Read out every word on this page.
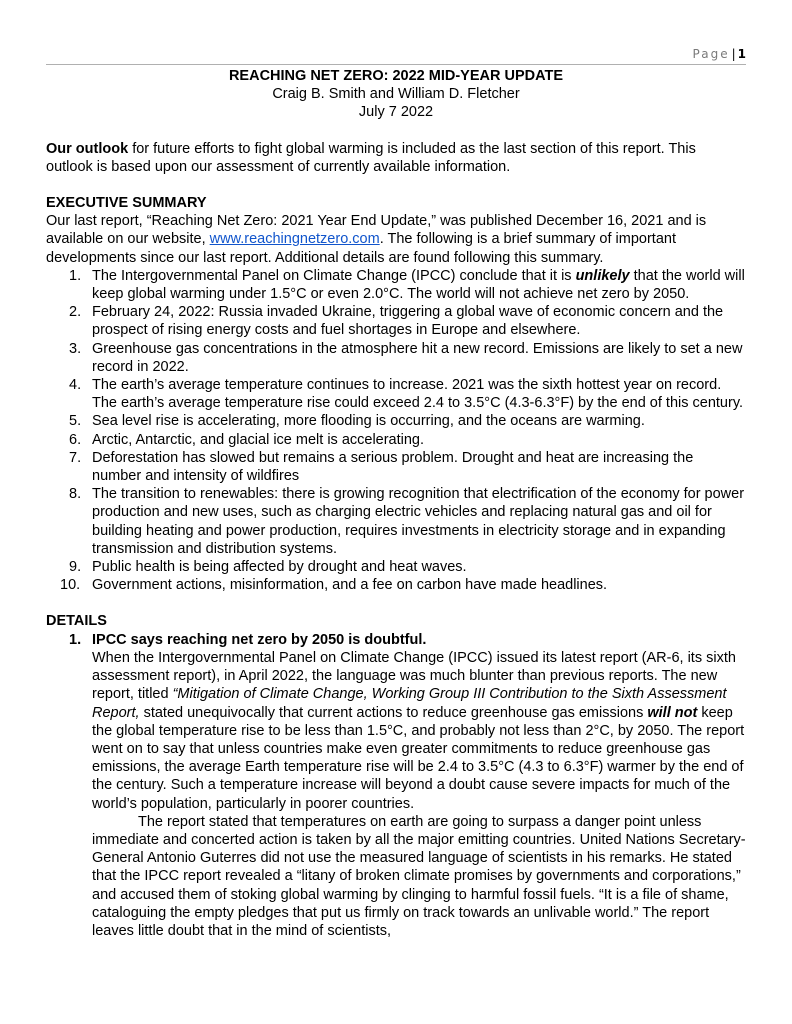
Page | 1
REACHING NET ZERO: 2022 MID-YEAR UPDATE
Craig B. Smith and William D. Fletcher
July 7 2022

Our outlook for future efforts to fight global warming is included as the last section of this report. This outlook is based upon our assessment of currently available information.

EXECUTIVE SUMMARY

Our last report, “Reaching Net Zero: 2021 Year End Update,” was published December 16, 2021 and is available on our website, www.reachingnetzero.com. The following is a brief summary of important developments since our last report. Additional details are found following this summary.

1. The Intergovernmental Panel on Climate Change (IPCC) conclude that it is unlikely that the world will keep global warming under 1.5°C or even 2.0°C. The world will not achieve net zero by 2050.
2. February 24, 2022: Russia invaded Ukraine, triggering a global wave of economic concern and the prospect of rising energy costs and fuel shortages in Europe and elsewhere.
3. Greenhouse gas concentrations in the atmosphere hit a new record. Emissions are likely to set a new record in 2022.
4. The earth’s average temperature continues to increase. 2021 was the sixth hottest year on record. The earth’s average temperature rise could exceed 2.4 to 3.5°C (4.3-6.3°F) by the end of this century.
5. Sea level rise is accelerating, more flooding is occurring, and the oceans are warming.
6. Arctic, Antarctic, and glacial ice melt is accelerating.
7. Deforestation has slowed but remains a serious problem. Drought and heat are increasing the number and intensity of wildfires
8. The transition to renewables: there is growing recognition that electrification of the economy for power production and new uses, such as charging electric vehicles and replacing natural gas and oil for building heating and power production, requires investments in electricity storage and in expanding transmission and distribution systems.
9. Public health is being affected by drought and heat waves.
10. Government actions, misinformation, and a fee on carbon have made headlines.
DETAILS
1. IPCC says reaching net zero by 2050 is doubtful.

When the Intergovernmental Panel on Climate Change (IPCC) issued its latest report (AR-6, its sixth assessment report), in April 2022, the language was much blunter than previous reports. The new report, titled “Mitigation of Climate Change, Working Group III Contribution to the Sixth Assessment Report, stated unequivocally that current actions to reduce greenhouse gas emissions will not keep the global temperature rise to be less than 1.5°C, and probably not less than 2°C, by 2050. The report went on to say that unless countries make even greater commitments to reduce greenhouse gas emissions, the average Earth temperature rise will be 2.4 to 3.5°C (4.3 to 6.3°F) warmer by the end of the century. Such a temperature increase will beyond a doubt cause severe impacts for much of the world’s population, particularly in poorer countries.

The report stated that temperatures on earth are going to surpass a danger point unless immediate and concerted action is taken by all the major emitting countries. United Nations Secretary-General Antonio Guterres did not use the measured language of scientists in his remarks. He stated that the IPCC report revealed a “litany of broken climate promises by governments and corporations,” and accused them of stoking global warming by clinging to harmful fossil fuels. “It is a file of shame, cataloguing the empty pledges that put us firmly on track towards an unlivable world.” The report leaves little doubt that in the mind of scientists,
